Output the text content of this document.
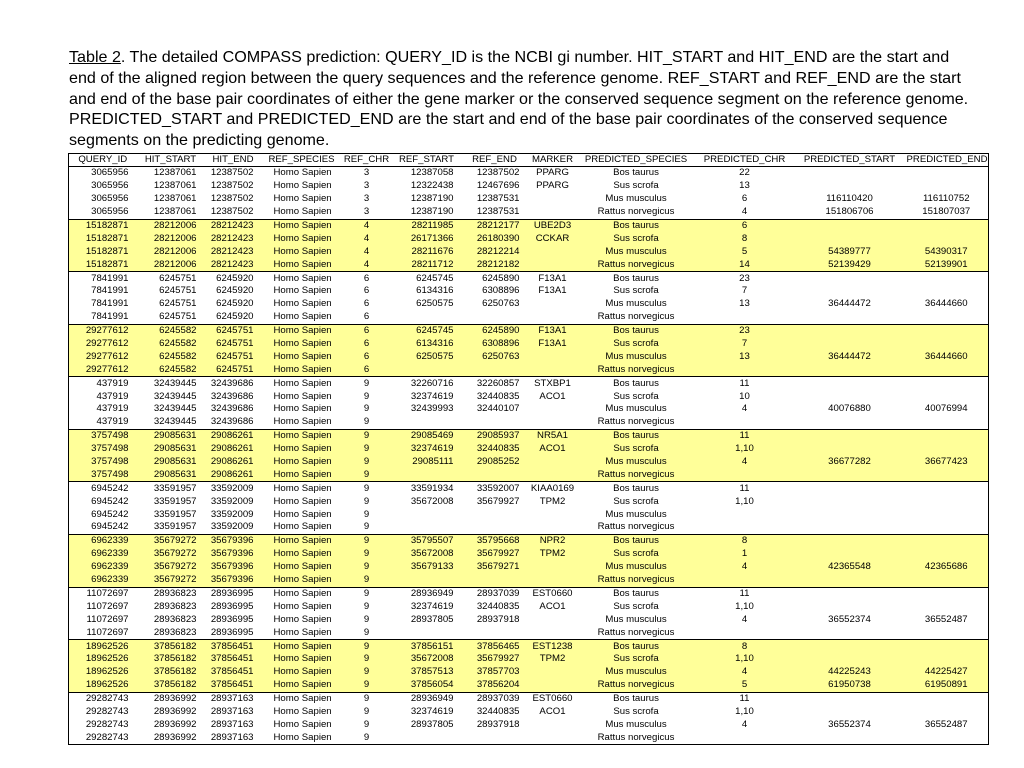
Table 2. The detailed COMPASS prediction: QUERY_ID is the NCBI gi number. HIT_START and HIT_END are the start and end of the aligned region between the query sequences and the reference genome. REF_START and REF_END are the start and end of the base pair coordinates of either the gene marker or the conserved sequence segment on the reference genome. PREDICTED_START and PREDICTED_END are the start and end of the base pair coordinates of the conserved sequence segments on the predicting genome.
QUERY_ID	HIT_START	HIT_END	REF_SPECIES	REF_CHR	REF_START	REF_END	MARKER	PREDICTED_SPECIES	PREDICTED_CHR	PREDICTED_START	PREDICTED_END
3065956	12387061	12387502	Homo Sapien	3	12387058	12387502	PPARG	Bos taurus	22		
3065956	12387061	12387502	Homo Sapien	3	12322438	12467696	PPARG	Sus scrofa	13		
3065956	12387061	12387502	Homo Sapien	3	12387190	12387531		Mus musculus	6	116110420	116110752
3065956	12387061	12387502	Homo Sapien	3	12387190	12387531		Rattus norvegicus	4	151806706	151807037
15182871	28212006	28212423	Homo Sapien	4	28211985	28212177	UBE2D3	Bos taurus	6		
15182871	28212006	28212423	Homo Sapien	4	26171366	26180390	CCKAR	Sus scrofa	8		
15182871	28212006	28212423	Homo Sapien	4	28211676	28212214		Mus musculus	5	54389777	54390317
15182871	28212006	28212423	Homo Sapien	4	28211712	28212182		Rattus norvegicus	14	52139429	52139901
7841991	6245751	6245920	Homo Sapien	6	6245745	6245890	F13A1	Bos taurus	23		
7841991	6245751	6245920	Homo Sapien	6	6134316	6308896	F13A1	Sus scrofa	7		
7841991	6245751	6245920	Homo Sapien	6	6250575	6250763		Mus musculus	13	36444472	36444660
7841991	6245751	6245920	Homo Sapien	6				Rattus norvegicus			
29277612	6245582	6245751	Homo Sapien	6	6245745	6245890	F13A1	Bos taurus	23		
29277612	6245582	6245751	Homo Sapien	6	6134316	6308896	F13A1	Sus scrofa	7		
29277612	6245582	6245751	Homo Sapien	6	6250575	6250763		Mus musculus	13	36444472	36444660
29277612	6245582	6245751	Homo Sapien	6				Rattus norvegicus			
437919	32439445	32439686	Homo Sapien	9	32260716	32260857	STXBP1	Bos taurus	11		
437919	32439445	32439686	Homo Sapien	9	32374619	32440835	ACO1	Sus scrofa	10		
437919	32439445	32439686	Homo Sapien	9	32439993	32440107		Mus musculus	4	40076880	40076994
437919	32439445	32439686	Homo Sapien	9				Rattus norvegicus			
3757498	29085631	29086261	Homo Sapien	9	29085469	29085937	NR5A1	Bos taurus	11		
3757498	29085631	29086261	Homo Sapien	9	32374619	32440835	ACO1	Sus scrofa	1,10		
3757498	29085631	29086261	Homo Sapien	9	29085111	29085252		Mus musculus	4	36677282	36677423
3757498	29085631	29086261	Homo Sapien	9				Rattus norvegicus			
6945242	33591957	33592009	Homo Sapien	9	33591934	33592007	KIAA0169	Bos taurus	11		
6945242	33591957	33592009	Homo Sapien	9	35672008	35679927	TPM2	Sus scrofa	1,10		
6945242	33591957	33592009	Homo Sapien	9				Mus musculus			
6945242	33591957	33592009	Homo Sapien	9				Rattus norvegicus			
6962339	35679272	35679396	Homo Sapien	9	35795507	35795668	NPR2	Bos taurus	8		
6962339	35679272	35679396	Homo Sapien	9	35672008	35679927	TPM2	Sus scrofa	1		
6962339	35679272	35679396	Homo Sapien	9	35679133	35679271		Mus musculus	4	42365548	42365686
6962339	35679272	35679396	Homo Sapien	9				Rattus norvegicus			
11072697	28936823	28936995	Homo Sapien	9	28936949	28937039	EST0660	Bos taurus	11		
11072697	28936823	28936995	Homo Sapien	9	32374619	32440835	ACO1	Sus scrofa	1,10		
11072697	28936823	28936995	Homo Sapien	9	28937805	28937918		Mus musculus	4	36552374	36552487
11072697	28936823	28936995	Homo Sapien	9				Rattus norvegicus			
18962526	37856182	37856451	Homo Sapien	9	37856151	37856465	EST1238	Bos taurus	8		
18962526	37856182	37856451	Homo Sapien	9	35672008	35679927	TPM2	Sus scrofa	1,10		
18962526	37856182	37856451	Homo Sapien	9	37857513	37857703		Mus musculus	4	44225243	44225427
18962526	37856182	37856451	Homo Sapien	9	37856054	37856204		Rattus norvegicus	5	61950738	61950891
29282743	28936992	28937163	Homo Sapien	9	28936949	28937039	EST0660	Bos taurus	11		
29282743	28936992	28937163	Homo Sapien	9	32374619	32440835	ACO1	Sus scrofa	1,10		
29282743	28936992	28937163	Homo Sapien	9	28937805	28937918		Mus musculus	4	36552374	36552487
29282743	28936992	28937163	Homo Sapien	9				Rattus norvegicus			
